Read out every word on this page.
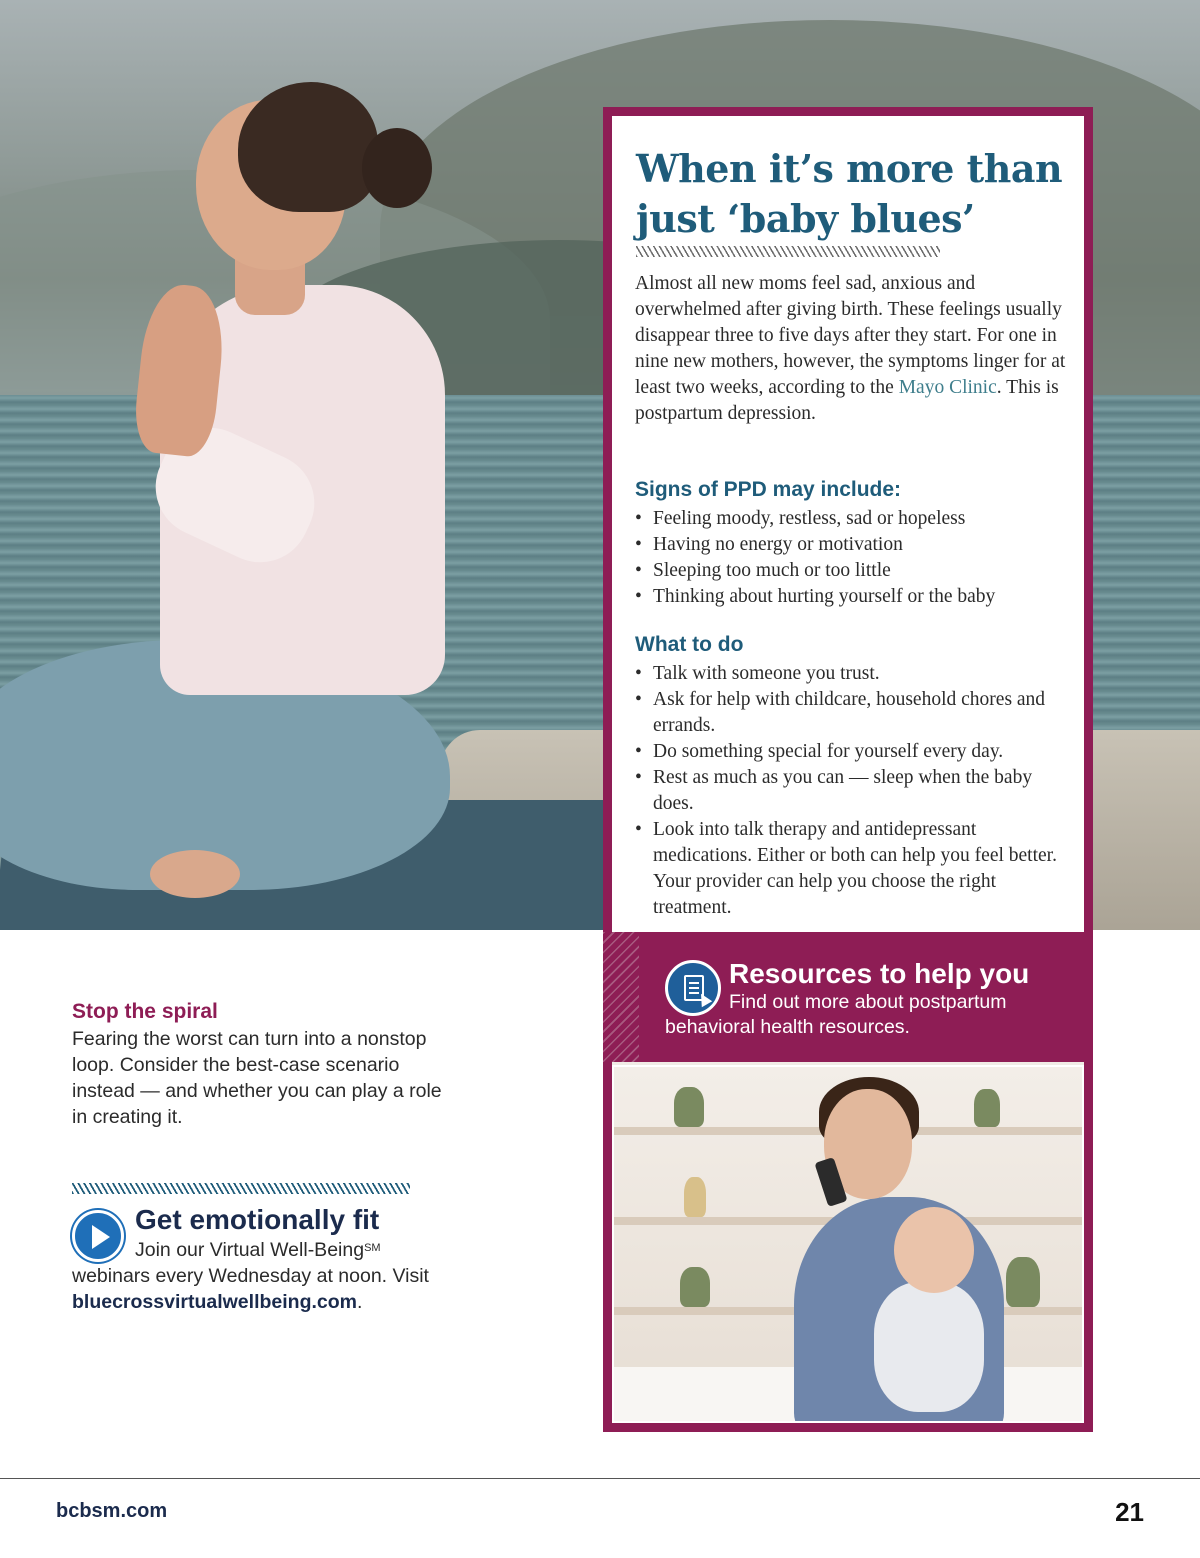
When it’s more than just ‘baby blues’

Almost all new moms feel sad, anxious and overwhelmed after giving birth. These feelings usually disappear three to five days after they start. For one in nine new mothers, however, the symptoms linger for at least two weeks, according to the Mayo Clinic. This is postpartum depression.

Signs of PPD may include:
• Feeling moody, restless, sad or hopeless
• Having no energy or motivation
• Sleeping too much or too little
• Thinking about hurting yourself or the baby
What to do
• Talk with someone you trust.
• Ask for help with childcare, household chores and errands.
• Do something special for yourself every day.
• Rest as much as you can — sleep when the baby does.
• Look into talk therapy and antidepressant medications. Either or both can help you feel better. Your provider can help you choose the right treatment.
Resources to help you
Find out more about postpartum behavioral health resources.
Stop the spiral
Fearing the worst can turn into a nonstop loop. Consider the best-case scenario instead — and whether you can play a role in creating it.
Get emotionally fit
Join our Virtual Well-Being℠ webinars every Wednesday at noon. Visit bluecrossvirtualwellbeing.com.
bcbsm.com	21
